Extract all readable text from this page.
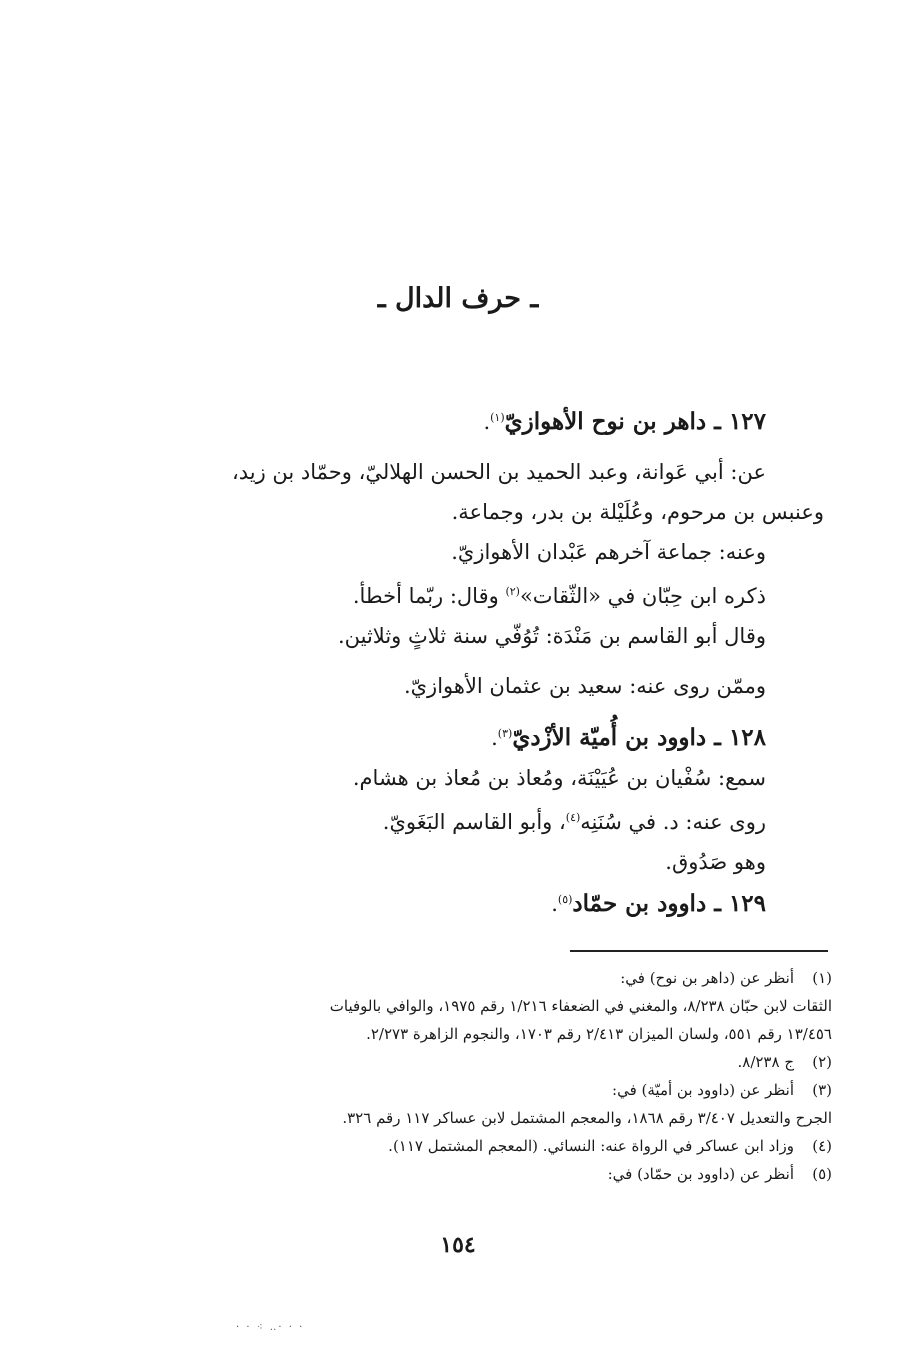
ـ حرف الدال ـ
١٢٧ ـ داهر بن نوح الأهوازيّ$^{(١)}$.
عن: أبي عَوانة، وعبد الحميد بن الحسن الهلاليّ، وحمّاد بن زيد،
وعنبس بن مرحوم، وعُلَيْلة بن بدر، وجماعة.
وعنه: جماعة آخرهم عَبْدان الأهوازيّ.
ذكره ابن حِبّان في «الثّقات»$^{(٢)}$ وقال: ربّما أخطأ.
وقال أبو القاسم بن مَنْدَة: تُوُفّي سنة ثلاثٍ وثلاثين.
وممّن روى عنه: سعيد بن عثمان الأهوازيّ.
١٢٨ ـ داوود بن أُميّة الأزْديّ$^{(٣)}$.
سمع: سُفْيان بن عُيَيْنَة، ومُعاذ بن مُعاذ بن هشام.
روى عنه: د. في سُنَنِه$^{(٤)}$، وأبو القاسم البَغَويّ.
وهو صَدُوق.
١٢٩ ـ داوود بن حمّاد$^{(٥)}$.
(١)
أنظر عن (داهر بن نوح) في:
الثقات لابن حبّان ٨/٢٣٨، والمغني في الضعفاء ١/٢١٦ رقم ١٩٧٥، والوافي بالوفيات
١٣/٤٥٦ رقم ٥٥١، ولسان الميزان ٢/٤١٣ رقم ١٧٠٣، والنجوم الزاهرة ٢/٢٧٣.
(٢)
ج ٨/٢٣٨.
(٣)
أنظر عن (داوود بن أميّة) في:
الجرح والتعديل ٣/٤٠٧ رقم ١٨٦٨، والمعجم المشتمل لابن عساكر ١١٧ رقم ٣٢٦.
(٤)
وزاد ابن عساكر في الرواة عنه: النسائي. (المعجم المشتمل ١١٧).
(٥)
أنظر عن (داوود بن حمّاد) في:
١٥٤
· · ·‥ ⁖ · ·
